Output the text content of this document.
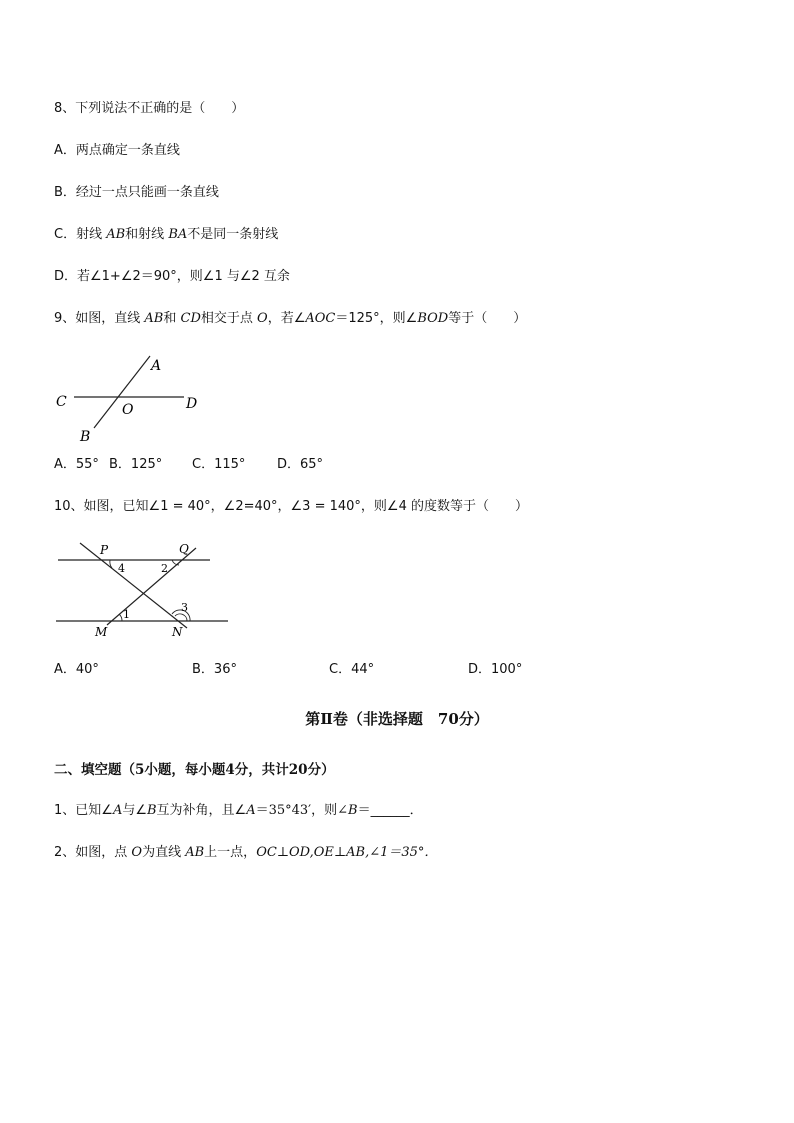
8、下列说法不正确的是（　　）
A．两点确定一条直线
B．经过一点只能画一条直线
C．射线 AB和射线 BA不是同一条射线
D．若∠1+∠2＝90°，则∠1 与∠2 互余
9、如图，直线 AB和 CD相交于点 O，若∠AOC＝125°，则∠BOD等于（　　）
A
C	O	D
B
A．55° B．125° C．115° D．65°
10、如图，已知∠1 = 40°，∠2=40°，∠3 = 140°，则∠4 的度数等于（　　）
P	Q
4	2
1
3
M	N
A．40°	B．36°	C．44°	D．100°
第Ⅱ卷（非选择题　70分）
二、填空题（5小题，每小题4分，共计20分）
1、已知∠A与∠B互为补角，且∠A＝35°43′，则∠B＝______．
2、如图，点 O为直线 AB上一点，OC⊥OD,OE⊥AB,∠1＝35°．
